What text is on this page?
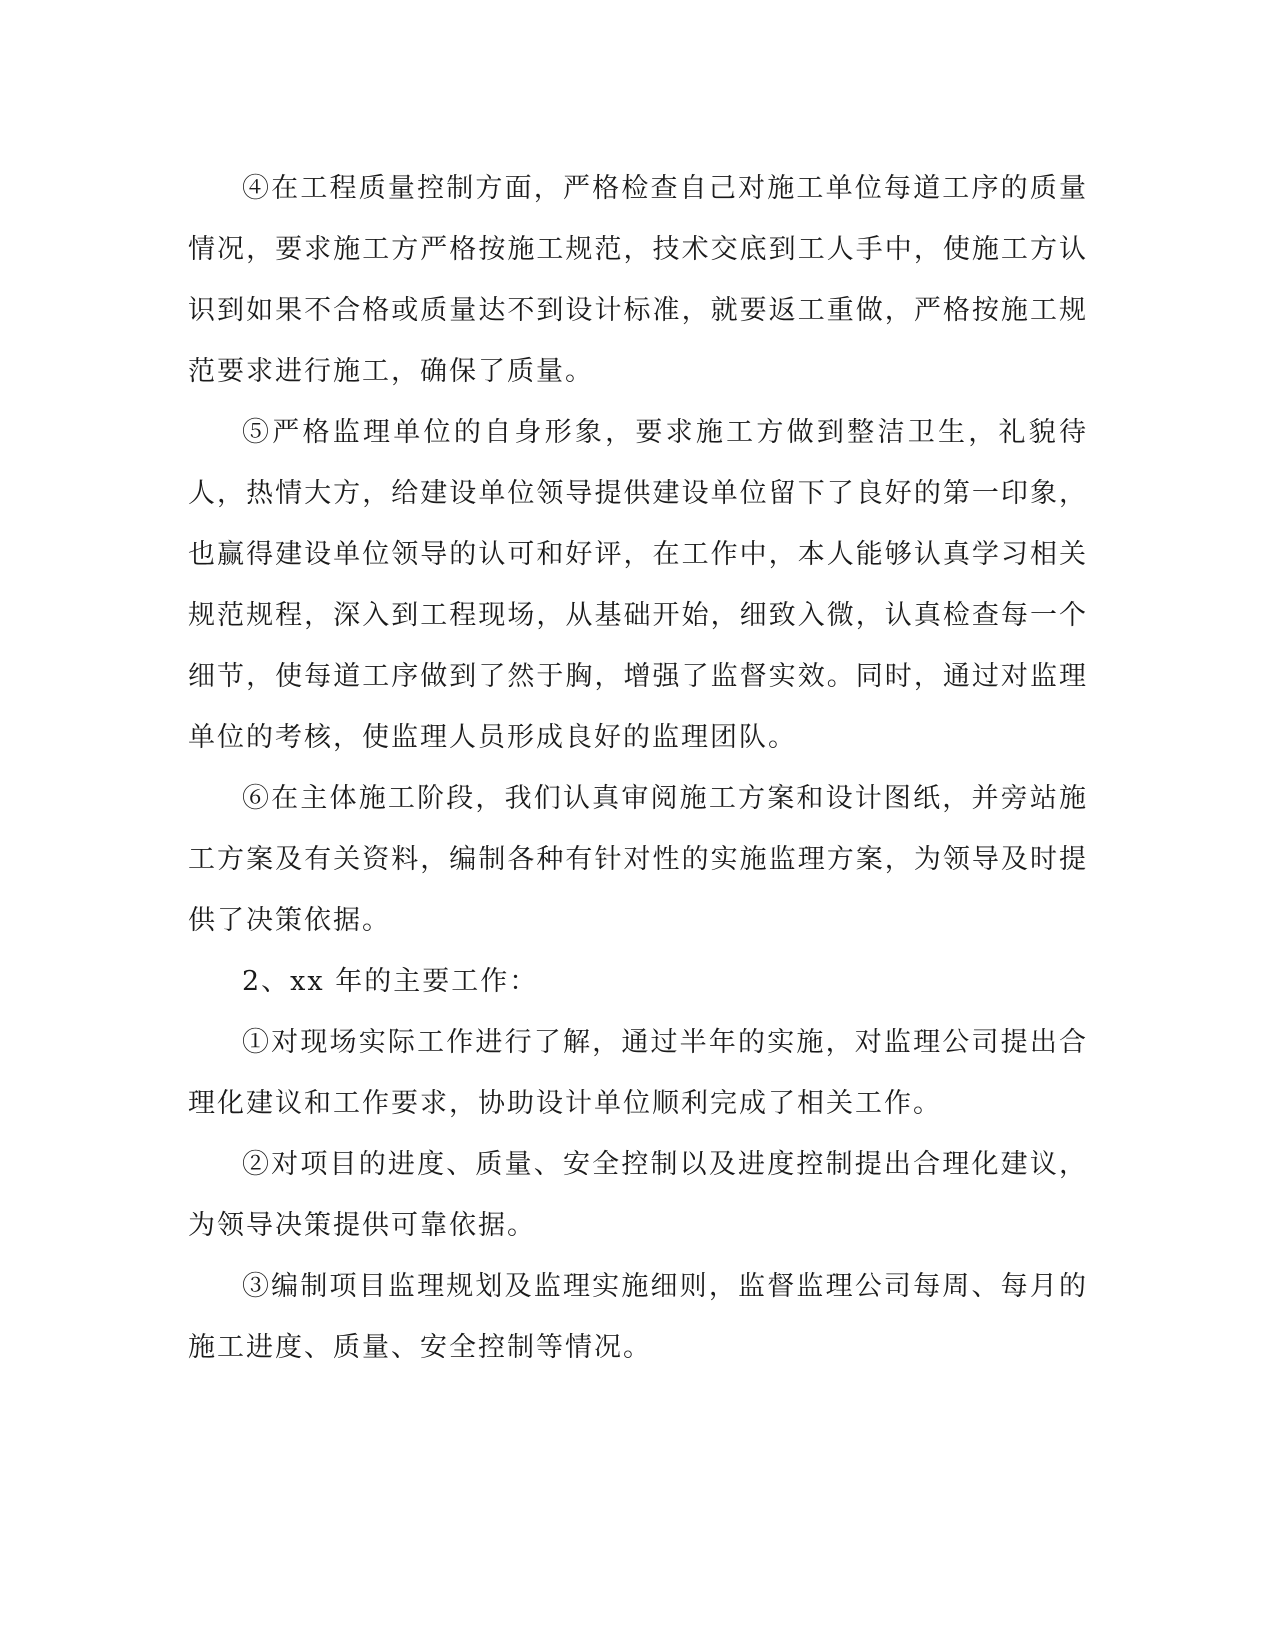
④在工程质量控制方面，严格检查自己对施工单位每道工序的质量情况，要求施工方严格按施工规范，技术交底到工人手中，使施工方认识到如果不合格或质量达不到设计标准，就要返工重做，严格按施工规范要求进行施工，确保了质量。

⑤严格监理单位的自身形象，要求施工方做到整洁卫生，礼貌待人，热情大方，给建设单位领导提供建设单位留下了良好的第一印象，也赢得建设单位领导的认可和好评，在工作中，本人能够认真学习相关规范规程，深入到工程现场，从基础开始，细致入微，认真检查每一个细节，使每道工序做到了然于胸，增强了监督实效。同时，通过对监理单位的考核，使监理人员形成良好的监理团队。

⑥在主体施工阶段，我们认真审阅施工方案和设计图纸，并旁站施工方案及有关资料，编制各种有针对性的实施监理方案，为领导及时提供了决策依据。

2、xx 年的主要工作：

①对现场实际工作进行了解，通过半年的实施，对监理公司提出合理化建议和工作要求，协助设计单位顺利完成了相关工作。

②对项目的进度、质量、安全控制以及进度控制提出合理化建议，为领导决策提供可靠依据。

③编制项目监理规划及监理实施细则，监督监理公司每周、每月的施工进度、质量、安全控制等情况。
